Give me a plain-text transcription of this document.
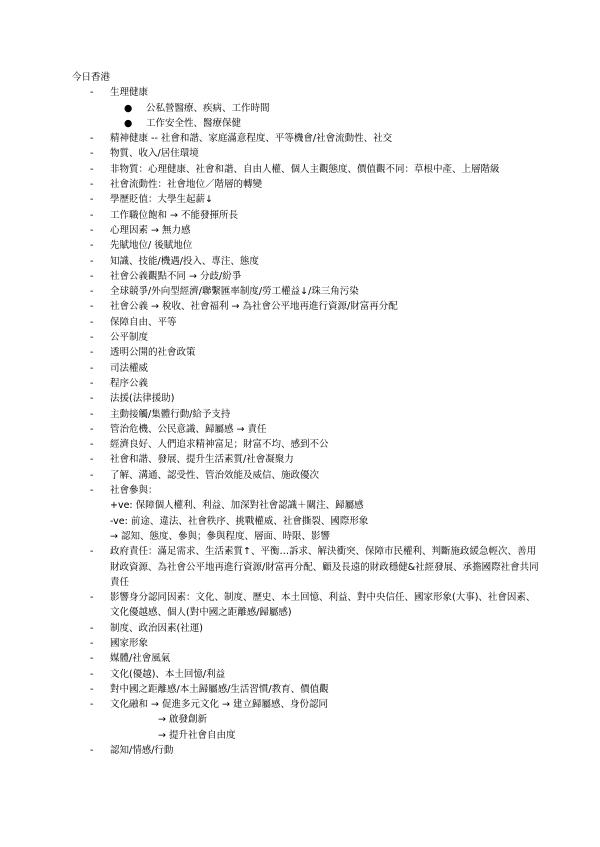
今日香港
- 生理健康
● 公私營醫療、疾病、工作時間
● 工作安全性、醫療保健
- 精神健康 -- 社會和諧、家庭滿意程度、平等機會/社會流動性、社交
- 物質、收入/居住環境
- 非物質：心理健康、社會和諧、自由人權、個人主觀態度、價值觀不同：草根中產、上層階級
- 社會流動性：社會地位／階層的轉變
- 學歷貶值：大學生起薪↓
- 工作職位飽和 → 不能發揮所長
- 心理因素 → 無力感
- 先賦地位/ 後賦地位
- 知識、技能/機遇/投入、專注、態度
- 社會公義觀點不同 → 分歧/紛爭
- 全球競爭/外向型經濟/聯繫匯率制度/勞工權益↓/珠三角污染
- 社會公義 → 稅收、社會福利 → 為社會公平地再進行資源/財富再分配
- 保障自由、平等
- 公平制度
- 透明公開的社會政策
- 司法權威
- 程序公義
- 法援(法律援助)
- 主動接觸/集體行動/給予支持
- 管治危機、公民意識、歸屬感 → 責任
- 經濟良好、人們追求精神富足；財富不均、感到不公
- 社會和諧、發展、提升生活素質/社會凝聚力
- 了解、溝通、認受性、管治效能及威信、施政優次
- 社會參與：
+ve: 保障個人權利、利益、加深對社會認識＋關注、歸屬感
-ve: 前途、違法、社會秩序、挑戰權威、社會撕裂、國際形象
→ 認知、態度、參與；參與程度、層面、時限、影響
- 政府責任：滿足需求、生活素質↑、平衡…訴求、解決衝突、保障市民權利、判斷施政緩急輕次、善用財政資源、為社會公平地再進行資源/財富再分配、顧及長遠的財政穩健&社經發展、承擔國際社會共同責任
- 影響身分認同因素：文化、制度、歷史、本土回憶、利益、對中央信任、國家形象(大事)、社會因素、文化優越感、個人(對中國之距離感/歸屬感)
- 制度、政治因素(社運)
- 國家形象
- 媒體/社會風氣
- 文化(優越)、本土回憶/利益
- 對中國之距離感/本土歸屬感/生活習慣/教育、價值觀
- 文化融和 → 促進多元文化 → 建立歸屬感、身份認同
→ 啟發創新
→ 提升社會自由度
- 認知/情感/行動
